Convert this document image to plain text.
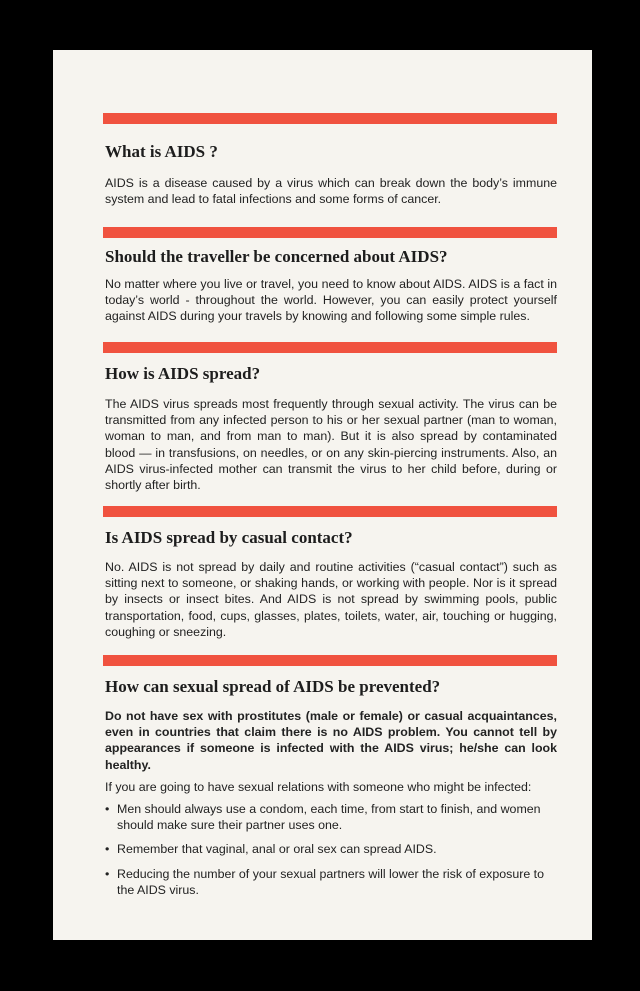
What is AIDS ?

AIDS is a disease caused by a virus which can break down the body’s immune system and lead to fatal infections and some forms of cancer.

Should the traveller be concerned about AIDS?

No matter where you live or travel, you need to know about AIDS. AIDS is a fact in today’s world - throughout the world. However, you can easily protect yourself against AIDS during your travels by knowing and following some simple rules.

How is AIDS spread?

The AIDS virus spreads most frequently through sexual activity. The virus can be transmitted from any infected person to his or her sexual partner (man to woman, woman to man, and from man to man). But it is also spread by contaminated blood — in transfusions, on needles, or on any skin-piercing instruments. Also, an AIDS virus-infected mother can transmit the virus to her child before, during or shortly after birth.

Is AIDS spread by casual contact?

No. AIDS is not spread by daily and routine activities (“casual contact”) such as sitting next to someone, or shaking hands, or working with people. Nor is it spread by insects or insect bites. And AIDS is not spread by swimming pools, public transportation, food, cups, glasses, plates, toilets, water, air, touching or hugging, coughing or sneezing.

How can sexual spread of AIDS be prevented?

Do not have sex with prostitutes (male or female) or casual acquaintances, even in countries that claim there is no AIDS problem. You cannot tell by appearances if someone is infected with the AIDS virus; he/she can look healthy.

If you are going to have sexual relations with someone who might be infected:

• Men should always use a condom, each time, from start to finish, and women should make sure their partner uses one.
• Remember that vaginal, anal or oral sex can spread AIDS.
• Reducing the number of your sexual partners will lower the risk of exposure to the AIDS virus.
